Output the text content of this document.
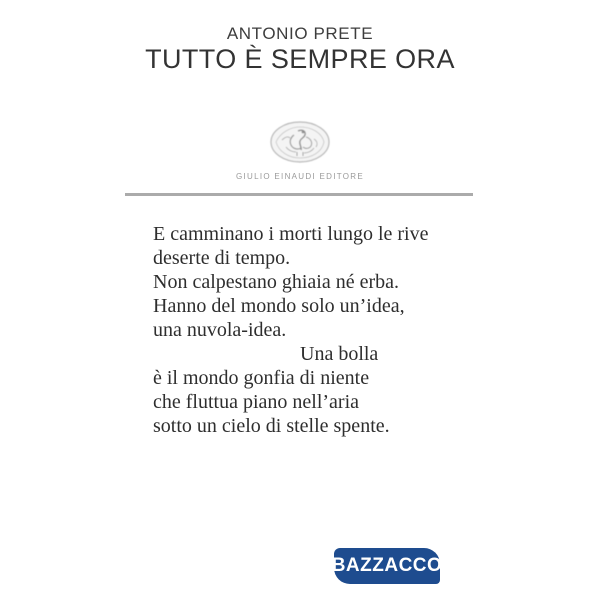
ANTONIO PRETE
TUTTO È SEMPRE ORA
GIULIO EINAUDI EDITORE
E camminano i morti lungo le rive
deserte di tempo.
Non calpestano ghiaia né erba.
Hanno del mondo solo un’idea,
una nuvola-idea.
Una bolla
è il mondo gonfia di niente
che fluttua piano nell’aria
sotto un cielo di stelle spente.
BAZZACCO
